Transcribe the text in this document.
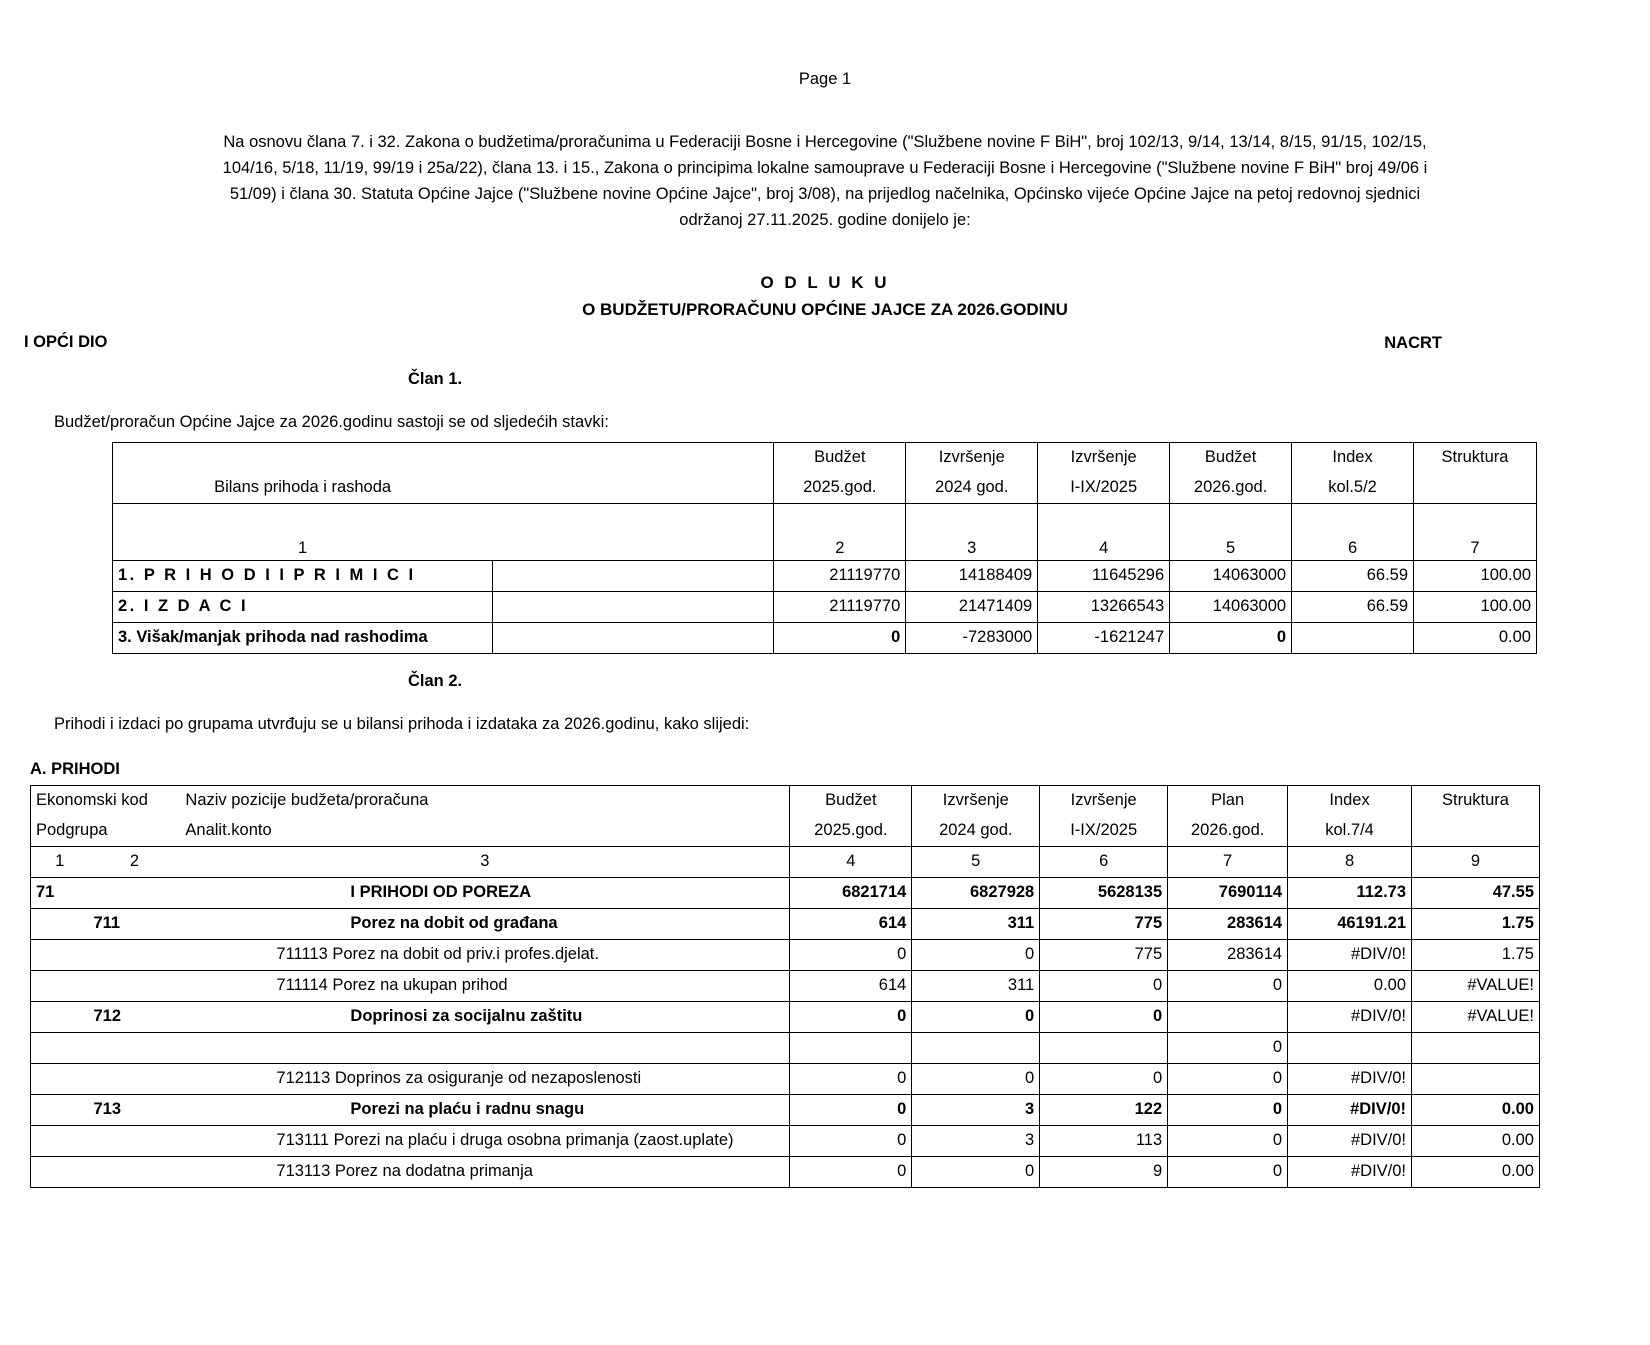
Page 1
Na osnovu člana 7. i 32. Zakona o budžetima/proračunima u Federaciji Bosne i Hercegovine ("Službene novine F BiH", broj 102/13, 9/14, 13/14, 8/15, 91/15, 102/15,
104/16, 5/18, 11/19, 99/19 i 25a/22), člana 13. i 15., Zakona o principima lokalne samouprave u Federaciji Bosne i Hercegovine ("Službene novine F BiH" broj 49/06 i
51/09) i člana 30. Statuta Općine Jajce ("Službene novine Općine Jajce", broj 3/08), na prijedlog načelnika, Općinsko vijeće Općine Jajce na petoj redovnoj sjednici
održanoj 27.11.2025. godine donijelo je:
O D L U K U
O BUDŽETU/PRORAČUNU OPĆINE JAJCE ZA 2026.GODINU
NACRT
I OPĆI DIO
Član 1.
Budžet/proračun Općine Jajce za 2026.godinu sastoji se od sljedećih stavki:
		Budžet	Izvršenje	Izvršenje	Budžet	Index	Struktura
Bilans prihoda i rashoda		2025.god.	2024 god.	I-IX/2025	2026.god.	kol.5/2	
1		2	3	4	5	6	7
1. P R I H O D I I P R I M I C I		21119770	14188409	11645296	14063000	66.59	100.00
2. I Z D A C I		21119770	21471409	13266543	14063000	66.59	100.00
3. Višak/manjak prihoda nad rashodima		0	-7283000	-1621247	0		0.00
Član 2.
Prihodi i izdaci po grupama utvrđuju se u bilansi prihoda i izdataka za 2026.godinu, kako slijedi:
A. PRIHODI
Ekonomski kod		Naziv pozicije budžeta/proračuna	Budžet	Izvršenje	Izvršenje	Plan	Index	Struktura
Podgrupa		Analit.konto	2025.god.	2024 god.	I-IX/2025	2026.god.	kol.7/4	
1	2	3	4	5	6	7	8	9
71		I PRIHODI OD POREZA	6821714	6827928	5628135	7690114	112.73	47.55
	711	Porez na dobit od građana	614	311	775	283614	46191.21	1.75
		711113 Porez na dobit od priv.i profes.djelat.	0	0	775	283614	#DIV/0!	1.75
		711114 Porez na ukupan prihod	614	311	0	0	0.00	#VALUE!
	712	Doprinosi za socijalnu zaštitu	0	0	0		#DIV/0!	#VALUE!
						0		
		712113 Doprinos za osiguranje od nezaposlenosti	0	0	0	0	#DIV/0!	
	713	Porezi na plaću i radnu snagu	0	3	122	0	#DIV/0!	0.00
		713111 Porezi na plaću i druga osobna primanja (zaost.uplate)	0	3	113	0	#DIV/0!	0.00
		713113 Porez na dodatna primanja	0	0	9	0	#DIV/0!	0.00
